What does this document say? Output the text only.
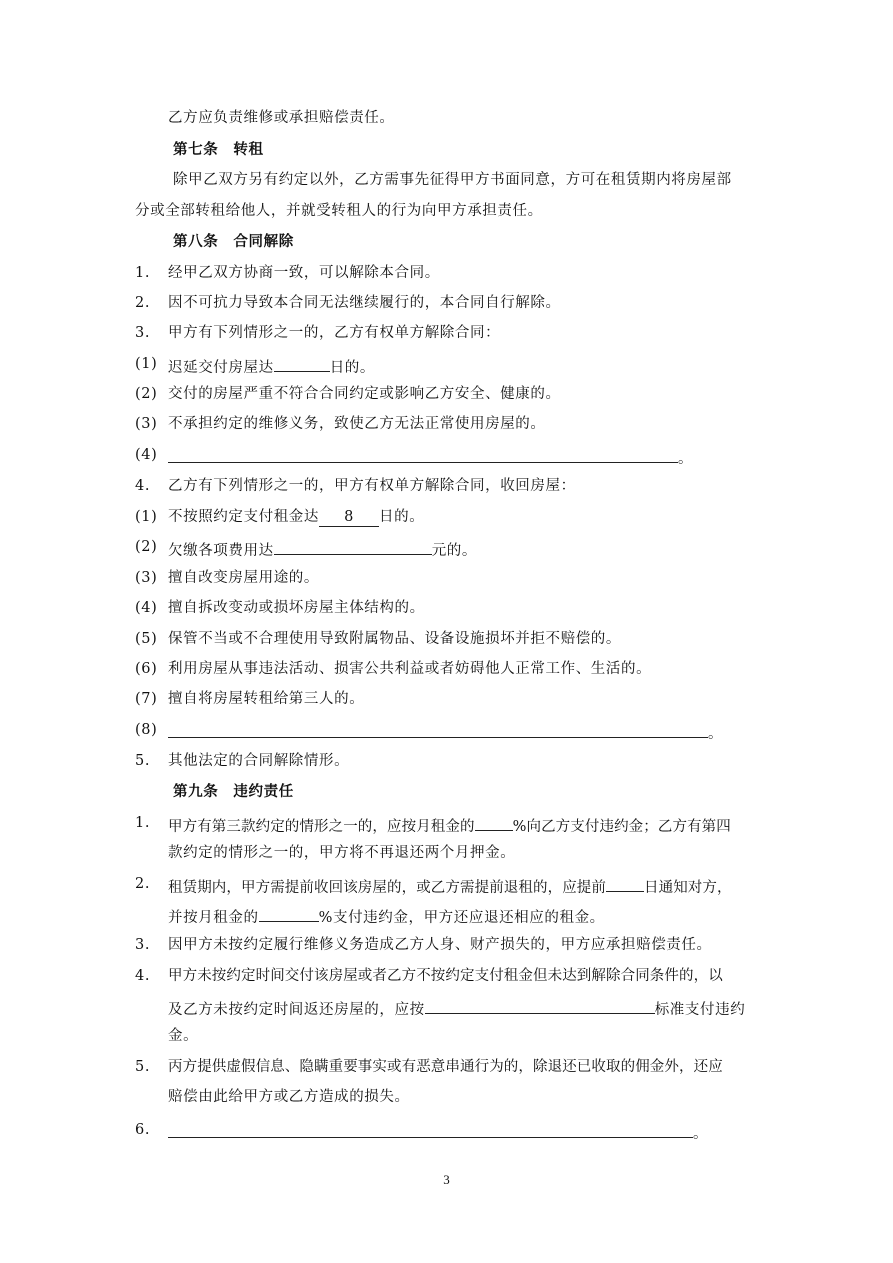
乙方应负责维修或承担赔偿责任。
第七条　转租
除甲乙双方另有约定以外，乙方需事先征得甲方书面同意，方可在租赁期内将房屋部
分或全部转租给他人，并就受转租人的行为向甲方承担责任。
第八条　合同解除
1. 经甲乙双方协商一致，可以解除本合同。
2. 因不可抗力导致本合同无法继续履行的，本合同自行解除。
3. 甲方有下列情形之一的，乙方有权单方解除合同：
(1) 迟延交付房屋达	日的。
(2) 交付的房屋严重不符合合同约定或影响乙方安全、健康的。
(3) 不承担约定的维修义务，致使乙方无法正常使用房屋的。
(4)	。
4. 乙方有下列情形之一的，甲方有权单方解除合同，收回房屋：
(1) 不按照约定支付租金达 8 日的。
(2) 欠缴各项费用达	元的。
(3) 擅自改变房屋用途的。
(4) 擅自拆改变动或损坏房屋主体结构的。
(5) 保管不当或不合理使用导致附属物品、设备设施损坏并拒不赔偿的。
(6) 利用房屋从事违法活动、损害公共利益或者妨碍他人正常工作、生活的。
(7) 擅自将房屋转租给第三人的。
(8)	。
5. 其他法定的合同解除情形。
第九条　违约责任
1. 甲方有第三款约定的情形之一的，应按月租金的	%向乙方支付违约金；乙方有第四
款约定的情形之一的，甲方将不再退还两个月押金。
2. 租赁期内，甲方需提前收回该房屋的，或乙方需提前退租的，应提前	日通知对方，
并按月租金的	%支付违约金，甲方还应退还相应的租金。
3. 因甲方未按约定履行维修义务造成乙方人身、财产损失的，甲方应承担赔偿责任。
4. 甲方未按约定时间交付该房屋或者乙方不按约定支付租金但未达到解除合同条件的，以
及乙方未按约定时间返还房屋的，应按	标准支付违约
金。
5. 丙方提供虚假信息、隐瞒重要事实或有恶意串通行为的，除退还已收取的佣金外，还应
赔偿由此给甲方或乙方造成的损失。
6.	。
3
